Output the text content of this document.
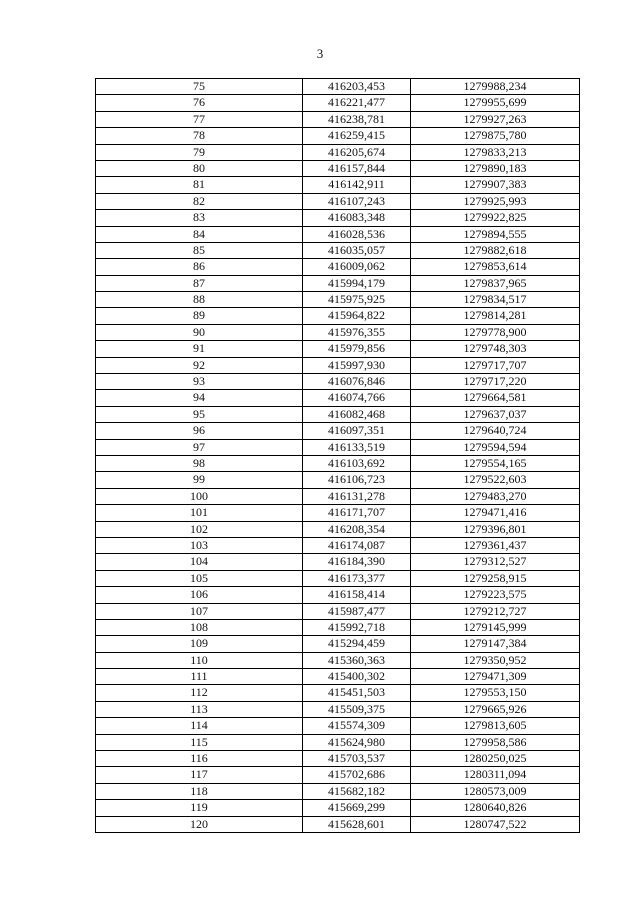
3
75	416203,453	1279988,234
76	416221,477	1279955,699
77	416238,781	1279927,263
78	416259,415	1279875,780
79	416205,674	1279833,213
80	416157,844	1279890,183
81	416142,911	1279907,383
82	416107,243	1279925,993
83	416083,348	1279922,825
84	416028,536	1279894,555
85	416035,057	1279882,618
86	416009,062	1279853,614
87	415994,179	1279837,965
88	415975,925	1279834,517
89	415964,822	1279814,281
90	415976,355	1279778,900
91	415979,856	1279748,303
92	415997,930	1279717,707
93	416076,846	1279717,220
94	416074,766	1279664,581
95	416082,468	1279637,037
96	416097,351	1279640,724
97	416133,519	1279594,594
98	416103,692	1279554,165
99	416106,723	1279522,603
100	416131,278	1279483,270
101	416171,707	1279471,416
102	416208,354	1279396,801
103	416174,087	1279361,437
104	416184,390	1279312,527
105	416173,377	1279258,915
106	416158,414	1279223,575
107	415987,477	1279212,727
108	415992,718	1279145,999
109	415294,459	1279147,384
110	415360,363	1279350,952
111	415400,302	1279471,309
112	415451,503	1279553,150
113	415509,375	1279665,926
114	415574,309	1279813,605
115	415624,980	1279958,586
116	415703,537	1280250,025
117	415702,686	1280311,094
118	415682,182	1280573,009
119	415669,299	1280640,826
120	415628,601	1280747,522
